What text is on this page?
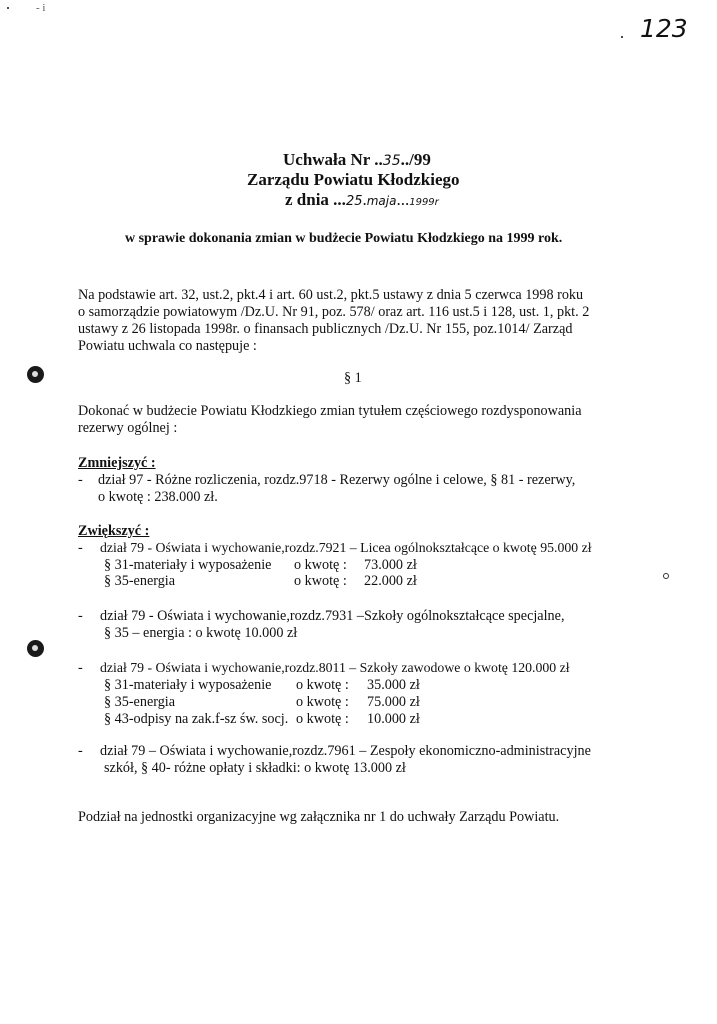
- i
123
Uchwała Nr ..35../99
Zarządu Powiatu Kłodzkiego
z dnia ...25.maja...1999r
w sprawie dokonania zmian w budżecie Powiatu Kłodzkiego na 1999 rok.
Na podstawie art. 32, ust.2, pkt.4 i art. 60 ust.2, pkt.5 ustawy z dnia 5 czerwca 1998 roku
o samorządzie powiatowym /Dz.U. Nr 91, poz. 578/ oraz art. 116 ust.5 i 128, ust. 1, pkt. 2
ustawy z 26 listopada 1998r. o finansach publicznych /Dz.U. Nr 155, poz.1014/ Zarząd
Powiatu uchwala co następuje :
§ 1
Dokonać w budżecie Powiatu Kłodzkiego zmian tytułem częściowego rozdysponowania
rezerwy ogólnej :
Zmniejszyć :
- dział 97 - Różne rozliczenia, rozdz.9718 - Rezerwy ogólne i celowe, § 81 - rezerwy,
o kwotę : 238.000 zł.
Zwiększyć :
- dział 79 - Oświata i wychowanie,rozdz.7921 – Licea ogólnokształcące o kwotę 95.000 zł
§ 31-materiały i wyposażenie o kwotę : 73.000 zł
§ 35-energia	o kwotę : 22.000 zł
- dział 79 - Oświata i wychowanie,rozdz.7931 –Szkoły ogólnokształcące specjalne,
§ 35 – energia : o kwotę 10.000 zł
- dział 79 - Oświata i wychowanie,rozdz.8011 – Szkoły zawodowe o kwotę 120.000 zł
§ 31-materiały i wyposażenie o kwotę : 35.000 zł
§ 35-energia	o kwotę : 75.000 zł
§ 43-odpisy na zak.f-sz św. socj. o kwotę : 10.000 zł
- dział 79 – Oświata i wychowanie,rozdz.7961 – Zespoły ekonomiczno-administracyjne
szkół, § 40- różne opłaty i składki: o kwotę 13.000 zł
Podział na jednostki organizacyjne wg załącznika nr 1 do uchwały Zarządu Powiatu.
